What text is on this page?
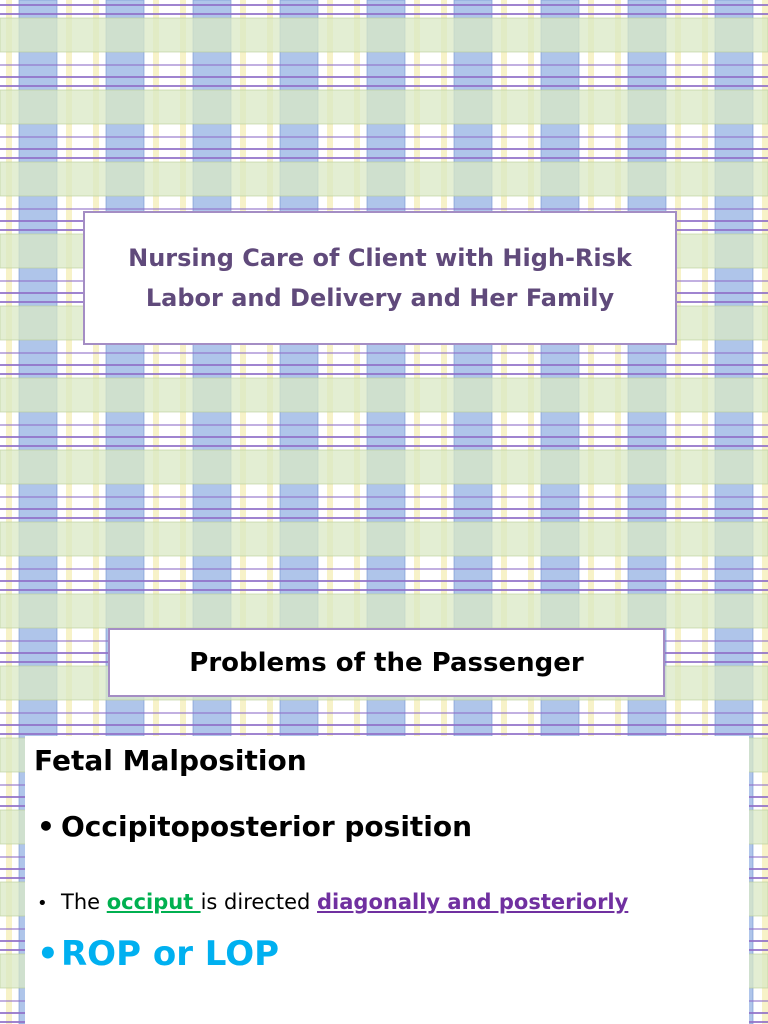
Nursing Care of Client with High-Risk
Labor and Delivery and Her Family
Problems of the Passenger
Fetal Malposition
• Occipitoposterior position
• The occiput is directed diagonally and posteriorly
• ROP or LOP
